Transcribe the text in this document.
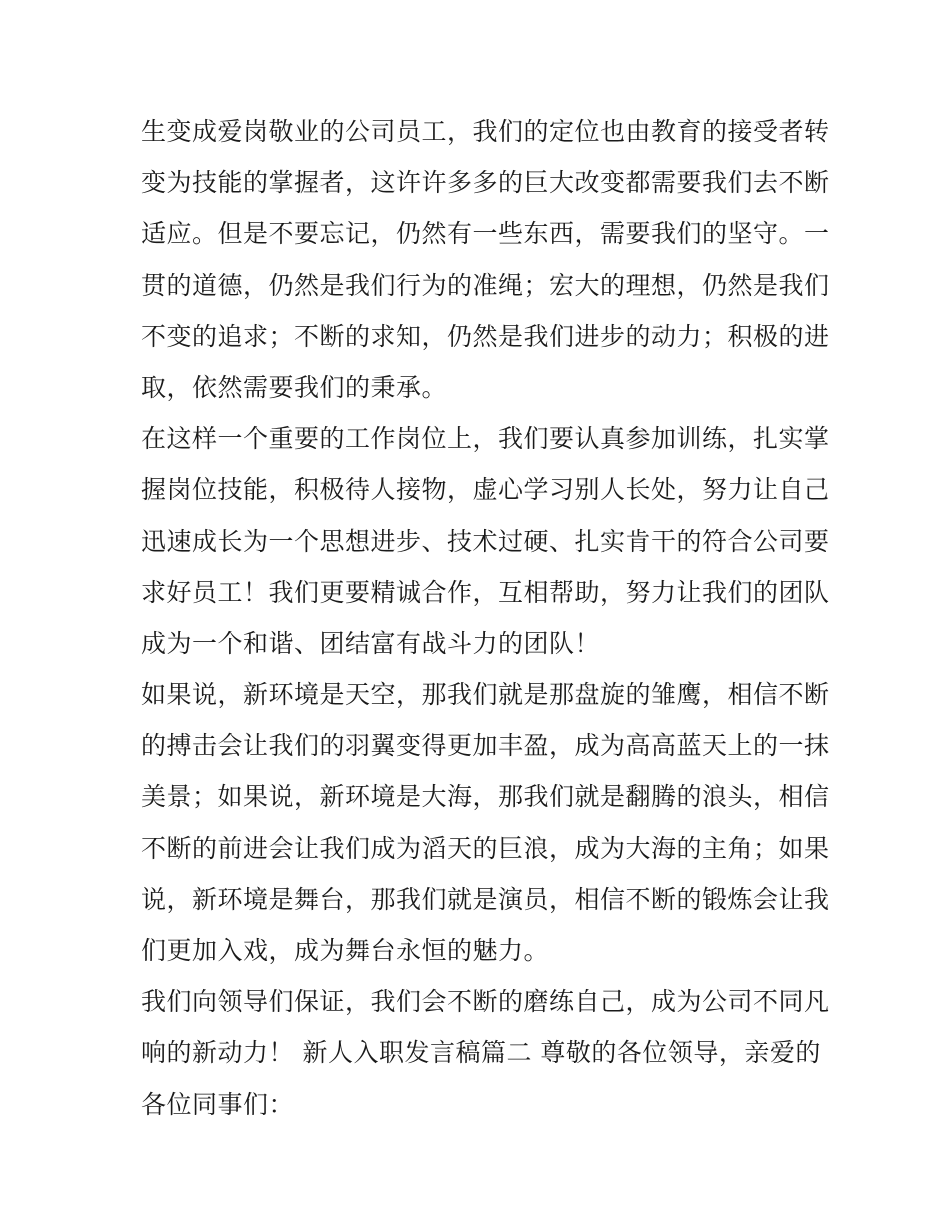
生变成爱岗敬业的公司员工，我们的定位也由教育的接受者转
变为技能的掌握者，这许许多多的巨大改变都需要我们去不断
适应。但是不要忘记，仍然有一些东西，需要我们的坚守。一
贯的道德，仍然是我们行为的准绳；宏大的理想，仍然是我们
不变的追求；不断的求知，仍然是我们进步的动力；积极的进
取，依然需要我们的秉承。
在这样一个重要的工作岗位上，我们要认真参加训练，扎实掌
握岗位技能，积极待人接物，虚心学习别人长处，努力让自己
迅速成长为一个思想进步、技术过硬、扎实肯干的符合公司要
求好员工！我们更要精诚合作，互相帮助，努力让我们的团队
成为一个和谐、团结富有战斗力的团队！
如果说，新环境是天空，那我们就是那盘旋的雏鹰，相信不断
的搏击会让我们的羽翼变得更加丰盈，成为高高蓝天上的一抹
美景；如果说，新环境是大海，那我们就是翻腾的浪头，相信
不断的前进会让我们成为滔天的巨浪，成为大海的主角；如果
说，新环境是舞台，那我们就是演员，相信不断的锻炼会让我
们更加入戏，成为舞台永恒的魅力。
我们向领导们保证，我们会不断的磨练自己，成为公司不同凡
响的新动力！ 新人入职发言稿篇二 尊敬的各位领导，亲爱的
各位同事们：
